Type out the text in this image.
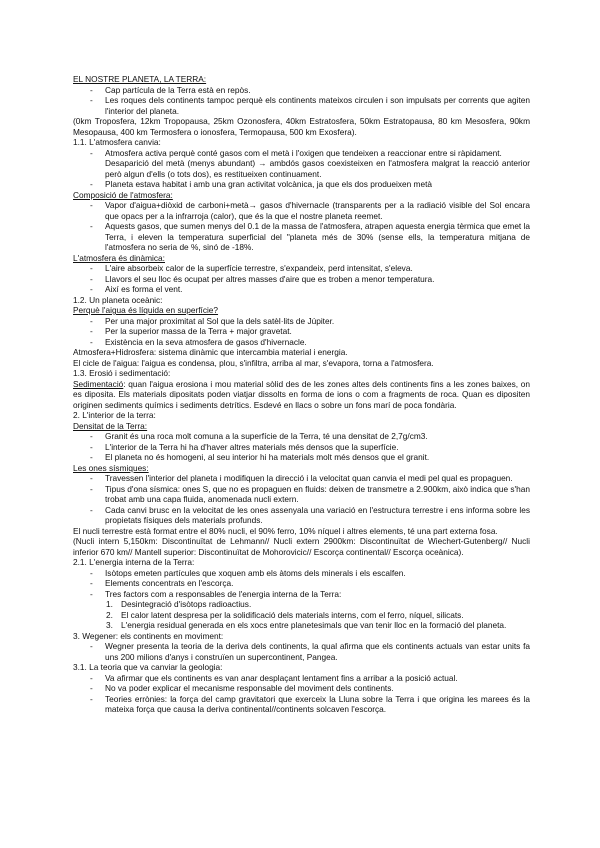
EL NOSTRE PLANETA, LA TERRA:

- Cap partícula de la Terra està en repòs.

- Les roques dels continents tampoc perquè els continents mateixos circulen i son impulsats per corrents que agiten l'interior del planeta.

(0km Troposfera, 12km Tropopausa, 25km Ozonosfera, 40km Estratosfera, 50km Estratopausa, 80 km Mesosfera, 90km Mesopausa, 400 km Termosfera o ionosfera, Termopausa, 500 km Exosfera).

1.1. L'atmosfera canvia:

- Atmosfera activa perquè conté gasos com el metà i l'oxigen que tendeixen a reaccionar entre si ràpidament.

Desaparició del metà (menys abundant) → ambdós gasos coexisteixen en l'atmosfera malgrat la reacció anterior però algun d'ells (o tots dos), es restitueixen continuament.

- Planeta estava habitat i amb una gran activitat volcànica, ja que els dos produeixen metà

Composició de l'atmosfera:

- Vapor d'aigua+diòxid de carboni+metà→ gasos d'hivernacle (transparents per a la radiació visible del Sol encara que opacs per a la infrarroja (calor), que és la que el nostre planeta reemet.

- Aquests gasos, que sumen menys del 0.1 de la massa de l'atmosfera, atrapen aquesta energia tèrmica que emet la Terra, i eleven la temperatura superficial del "planeta més de 30% (sense ells, la temperatura mitjana de l'atmosfera no seria de %, sinó de -18%.

L'atmosfera és dinàmica:

- L'aire absorbeix calor de la superfície terrestre, s'expandeix, perd intensitat, s'eleva.

- Llavors el seu lloc és ocupat per altres masses d'aire que es troben a menor temperatura.

- Així es forma el vent.

1.2. Un planeta oceànic:

Perquè l'aigua és líquida en superfície?

- Per una major proximitat al Sol que la dels satèl·lits de Júpiter.

- Per la superior massa de la Terra + major gravetat.

- Existència en la seva atmosfera de gasos d'hivernacle.

Atmosfera+Hidrosfera: sistema dinàmic que intercambia material i energia.

El cicle de l'aigua: l'aigua es condensa, plou, s'infiltra, arriba al mar, s'evapora, torna a l'atmosfera.

1.3. Erosió i sedimentació:

Sedimentació: quan l'aigua erosiona i mou material sòlid des de les zones altes dels continents fins a les zones baixes, on es diposita. Els materials dipositats poden viatjar dissolts en forma de ions o com a fragments de roca. Quan es dipositen originen sediments químics i sediments detrítics. Esdevé en llacs o sobre un fons marí de poca fondària.

2. L'interior de la terra:

Densitat de la Terra:

- Granit és una roca molt comuna a la superfície de la Terra, té una densitat de 2,7g/cm3.

- L'interior de la Terra hi ha d'haver altres materials més densos que la superfície.

- El planeta no és homogeni, al seu interior hi ha materials molt més densos que el granit.

Les ones sísmiques:

- Travessen l'interior del planeta i modifiquen la direcció i la velocitat quan canvia el medi pel qual es propaguen.

- Tipus d'ona sísmica: ones S, que no es propaguen en fluids: deixen de transmetre a 2.900km, això indica que s'han trobat amb una capa fluida, anomenada nucli extern.

- Cada canvi brusc en la velocitat de les ones assenyala una variació en l'estructura terrestre i ens informa sobre les propietats físiques dels materials profunds.

El nucli terrestre està format entre el 80% nucli, el 90% ferro, 10% níquel i altres elements, té una part externa fosa.

(Nucli intern 5,150km: Discontinuïtat de Lehmann// Nucli extern 2900km: Discontinuïtat de Wiechert-Gutenberg// Nucli inferior 670 km// Mantell superior: Discontinuïtat de Mohorovicic// Escorça continental// Escorça oceànica).

2.1. L'energia interna de la Terra:

- Isòtops emeten partícules que xoquen amb els àtoms dels minerals i els escalfen.

- Elements concentrats en l'escorça.

- Tres factors com a responsables de l'energia interna de la Terra:

1. Desintegració d'isòtops radioactius.

2. El calor latent despresa per la solidificació dels materials interns, com el ferro, níquel, silicats.

3. L'energia residual generada en els xocs entre planetesimals que van tenir lloc en la formació del planeta.

3. Wegener: els continents en moviment:

- Wegner presenta la teoria de la deriva dels continents, la qual afirma que els continents actuals van estar units fa uns 200 milions d'anys i construïen un supercontinent, Pangea.

3.1. La teoria que va canviar la geologia:

- Va afirmar que els continents es van anar desplaçant lentament fins a arribar a la posició actual.

- No va poder explicar el mecanisme responsable del moviment dels continents.

- Teories errònies: la força del camp gravitatori que exerceix la Lluna sobre la Terra i que origina les marees és la mateixa força que causa la deriva continental//continents solcaven l'escorça.
